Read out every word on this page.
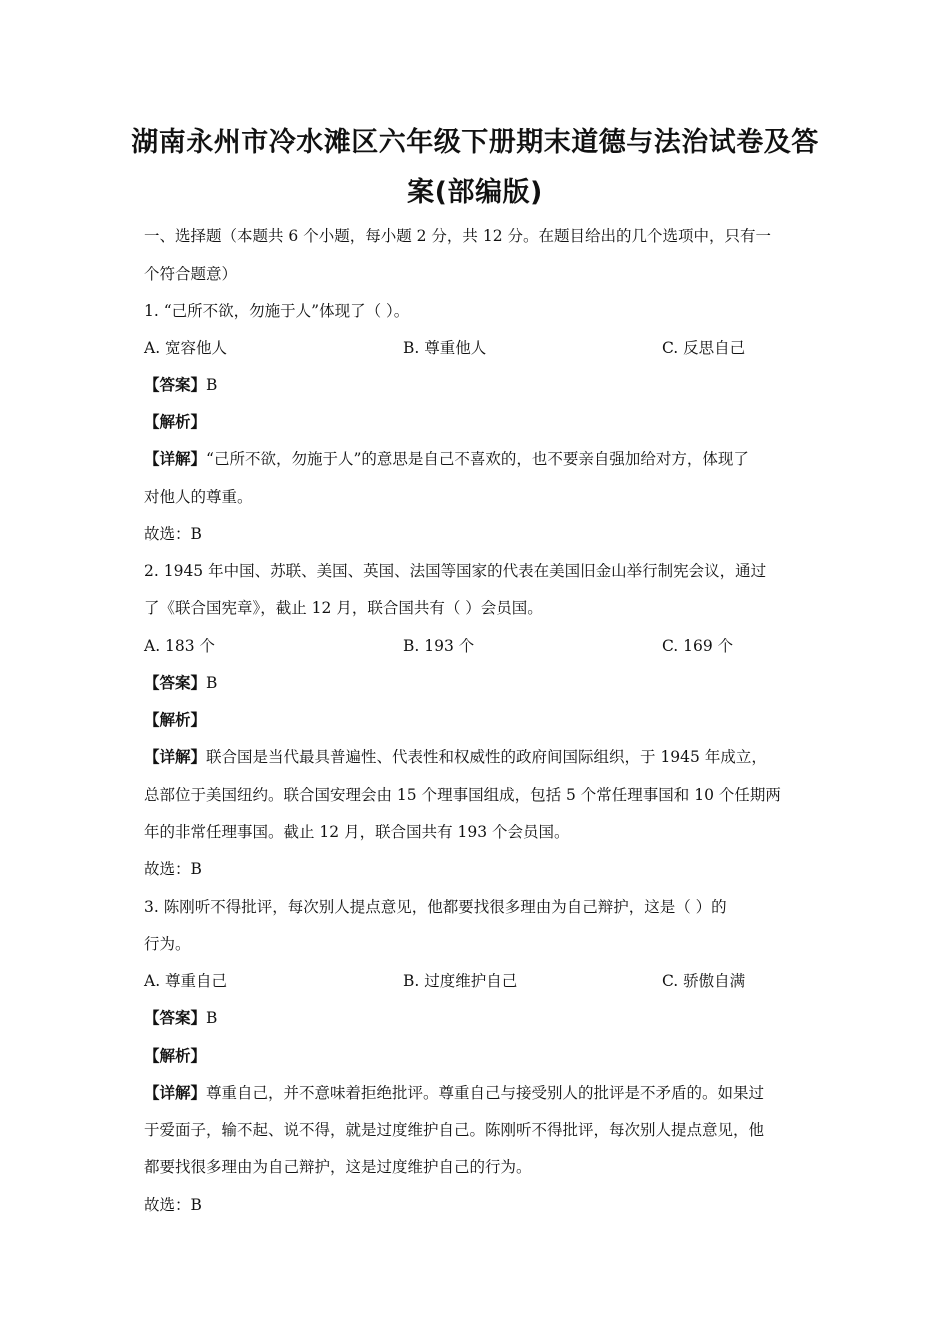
湖南永州市冷水滩区六年级下册期末道德与法治试卷及答
案(部编版)
一、选择题（本题共 6 个小题，每小题 2 分，共 12 分。在题目给出的几个选项中，只有一
个符合题意）
1. “己所不欲，勿施于人”体现了（ ）。
A. 宽容他人	B. 尊重他人	C. 反思自己
【答案】B
【解析】
【详解】“己所不欲，勿施于人”的意思是自己不喜欢的，也不要亲自强加给对方，体现了
对他人的尊重。
故选：B
2. 1945 年中国、苏联、美国、英国、法国等国家的代表在美国旧金山举行制宪会议，通过
了《联合国宪章》，截止 12 月，联合国共有（ ）会员国。
A. 183 个	B. 193 个	C. 169 个
【答案】B
【解析】
【详解】联合国是当代最具普遍性、代表性和权威性的政府间国际组织，于 1945 年成立，
总部位于美国纽约。联合国安理会由 15 个理事国组成，包括 5 个常任理事国和 10 个任期两
年的非常任理事国。截止 12 月，联合国共有 193 个会员国。
故选：B
3. 陈刚听不得批评，每次别人提点意见，他都要找很多理由为自己辩护，这是（ ）的
行为。
A. 尊重自己	B. 过度维护自己	C. 骄傲自满
【答案】B
【解析】
【详解】尊重自己，并不意味着拒绝批评。尊重自己与接受别人的批评是不矛盾的。如果过
于爱面子，输不起、说不得，就是过度维护自己。陈刚听不得批评，每次别人提点意见，他
都要找很多理由为自己辩护，这是过度维护自己的行为。
故选：B
